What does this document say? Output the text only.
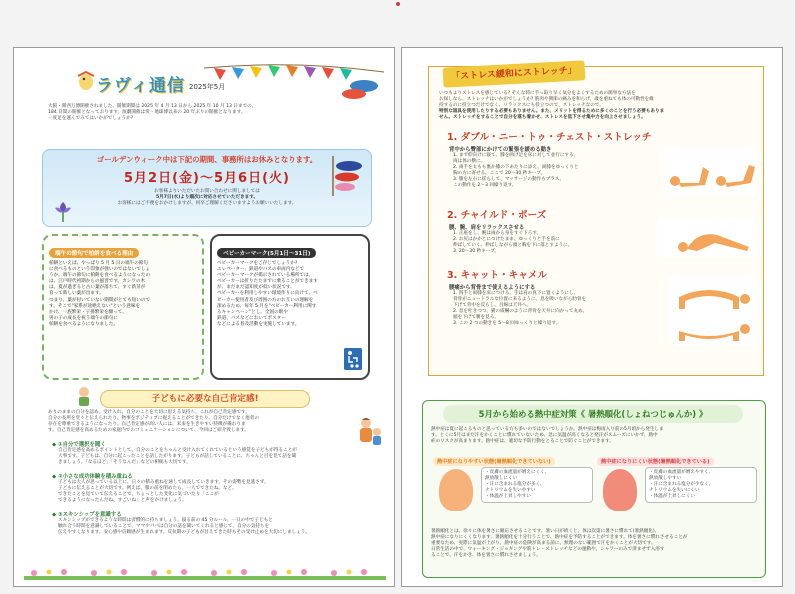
ラヴィ通信 2025年5月
大阪・関西万博開催されました。開催期間は 2025 年 4 月 13 日から 2025 年 10 月 13 日までの、
184 日間の開催となっております。演劇開催は愛・地球博以来の 20 年ぶりの開催となります。
一度足を運んでみてはいかがでしょうか?
ゴールデンウィーク中は下記の期間、事務所はお休みとなります。
5月2日(金)～5月6日(火)
お客様よりいただいたお問い合わせに関しましては
5月7日(水)より順次に対応させていただきます。
お客様にはご不便をおかけしますが、何卒ご理解くださいますようお願いいたします。
端午の節句で柏餅を食べる理由
柏餅といえば、やっぱり 5 月 5 日の端午の節句
に食べるものという印象が強いのではないでしょ
うか。端午の節句に柏餅を食べるようになったの
は、江戸時代初期からの風習です。カシワの木
は、夏が過ぎると古い葉が落ちて、すぐ新芽が
育って新しい葉が出ます。
つまり、葉が付いていない期間がとても短いので
す。そこで"家系が途絶えない"という意味を
かけ、一族繁栄・子孫繁栄を願って、
男の子の成長を祝う端午の節句に
柏餅を食べるようになりました。
ベビーカーマーク(5月1日～31日)
ベビーカーマークをご存じでしょうか?
エレベーター、鉄道やバスの車両内などで
ベビーカーマークが掲示されている場所では、
ベビーカーは折りたたまずに乗ることができます
が、まだまだ認知度が低い状況です。
ベビーカーを利用しやすい環境作りに向けて、ベ
ビーカー使用者及び周囲の方のお互いの理解を
深めるため、毎年 5 月を"ベビーカー利用に関す
るキャンペーン"とし、全国の駅や
鉄道、バスなどにおいてポスター
などによる普及活動を実施しています。
子どもに必要な自己肯定感!
ありのままの自分を認め、受け入れ、自分のことを大切に思える気持ち。これが自己肯定感です。
自分の長所を堂々と伝えられたり、物事をポジティブに捉えることができたり、自分だけでなく他者の
存在を尊重できるようになったり。自己肯定感が高い人には、未来を生きやすい特徴が備わりま
す。自己肯定感を高めるための家庭内でのコミュニケーションについて、今回はご紹介致します。
◆ ①自分で選択を聞く
自己肯定感を高めるポイントとして、自分のことをちゃんと受け入れてくれているという感覚を子どもが得ることが
大事です。子どもは、自分に起こったことを話したがります。子どもが話していることに、ちゃんと目を見て話を聞
きましょう。「なるほど」「そうなんだ」などの相槌も大切です。
◆ ②小さな成功体験を積み重ねる
子どもは大人が思っている以上に、日々の積み重ねを通して成長していきます。その姿勢を見逃さず、
子どもに伝えることが大切です。例えば、服の前を閉めたら、一人でできたね、など。
できたことを見ていて伝えることで、ちょっとした変化に気づいたり「ここが
できるようになったんだね、すごいね」と声をかけましょう。
◆ ③スキンシップを意識する
スキンシップができるような時間は習慣的に持ちましょう。寝る前の 45 分ルール、一日の中で子どもと
触れ合う時間を意識していることで、ママやパパは自分の話を聞いてくれると感じて、自分の気持ちを
伝えやすくなります。安心感や信頼感が生まれます。反抗期の子どもが甘えてきた時もその受け止めを大切にしましょう。
「ストレス緩和にストレッチ」
いつもよりストレスを感じている? そんな時に手っ取り早く気分をよくするための簡単な方法を
お探しなら、ストレッチはいかがでしょうか? 筋肉や関節の痛みを和らげ、歳を重ねても体の可動性を維
持するのに役立つだけでなく、リラックスにも役立つので、ストレッチなので。
特別な道具を使用したりする必要もありません。また、メリットを得るために多くのことを行う必要もありま
せん。ストレッチをすることで自分を落ち着かせ、ストレスを低下させ集中力を向上させましょう。
1. ダブル・ニー・トゥ・チェスト・ストレッチ
背中から臀部にかけての緊張を緩める動き
1. まず仰向けに寝て、膝を曲げ足を床に対して並行にする。
両は体の横に。
2. 両手を太もも裏か膝の下あたりに添え、両膝をゆっくりと
胸の方に寄せる。ここで 20～30 秒キープ。
3. 膝を左右に揺らして、マッサージの動作もプラス。
この動作を 2～3 回繰り返す。
2. チャイルド・ポーズ
腰、腕、肩をリラックスさせる
1. 正座をし、腕は両から身をすぐ下ろす。
2. お尻はかかとにつけたまま、ゆっくりと手を前に
伸ばしていく。伸ばしながら頭と胸を下に落とすように。
3. 20～30 秒キープ。
3. キャット・キャメル
腰痛から背骨まで使えるようにする
1. 四手と両膝を床につける。手は肩の真下に置くようにし、
背骨がニュートラルな位置に来るように。息を吸いながら肋骨を
下げて背中を反らし、目線は天井へ。
2. 息を吐きつつ、猫の威嚇のように背骨を天井に向かって丸め、
頭を下げて臍を見る。
3. この 2 つの動きを 5～8 回ゆっくりと繰り返す。
5月から始める熱中症対策《 暑熱順化(しょねつじゅんか) 》
熱中症は夏に起こるものと思っている方も多いのではないでしょうか。熱中症は梅雨入り前の5月頃から発生しま
す。とくに5月はまだ汗をかくことに慣れていないため、急に気温が高くなると発汗がスムーズにいかず、熱中
症のリスクが高まります。熱中症は、適切な予防行動をとることで防ぐことができます。
熱中症になりやすい状態(暑熱順化できていない)
・皮膚の血流量が増えにくく、
熱放散しにくい
・汗に含まれる塩分が多く、
ナトリウムを失いやすい
・体温が上昇しやすい
熱中症になりにくい状態(暑熱順化できている)
・皮膚の血流量が増えやすく、
熱放散しやすい
・汗に含まれる塩分が少なく、
ナトリウムを失いにくい
・体温が上昇しにくい
暑熱順化とは、徐々に体を暑さに順応させることです。暑い日が続くと、体は次第に暑さに慣れて(暑熱順化)、
熱中症になりにくくなります。暑熱順化を十分行うことで、熱中症を予防することができます。体を暑さに慣れさせることが
重要なため、実際に気温が上がり、熱中症の危険が高まる前に、無理のない範囲で汗をかくことが大切です。
日常生活の中で、ウォーキング・ジョギングや筋トレ・ストレッチなどの運動や、シャワーのみで済ませず入浴す
ることで、汗をかき、体を暑さに慣れさせましょう。
